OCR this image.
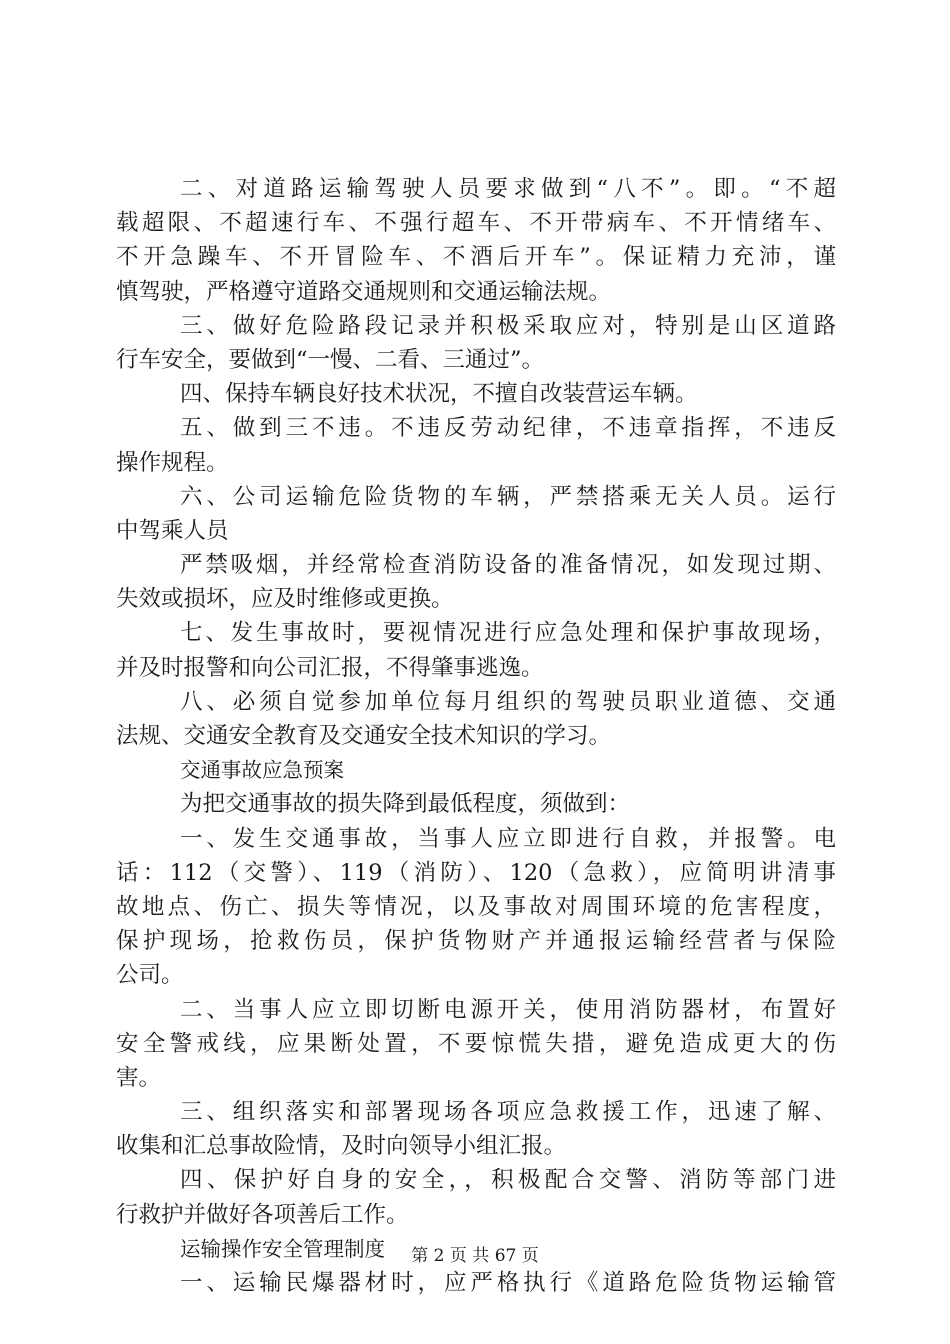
二、对道路运输驾驶人员要求做到“八不”。即。“不超
载超限、不超速行车、不强行超车、不开带病车、不开情绪车、
不开急躁车、不开冒险车、不酒后开车”。保证精力充沛，谨
慎驾驶，严格遵守道路交通规则和交通运输法规。
三、做好危险路段记录并积极采取应对，特别是山区道路
行车安全，要做到“一慢、二看、三通过”。
四、保持车辆良好技术状况，不擅自改装营运车辆。
五、做到三不违。不违反劳动纪律，不违章指挥，不违反
操作规程。
六、公司运输危险货物的车辆，严禁搭乘无关人员。运行
中驾乘人员
严禁吸烟，并经常检查消防设备的准备情况，如发现过期、
失效或损坏，应及时维修或更换。
七、发生事故时，要视情况进行应急处理和保护事故现场，
并及时报警和向公司汇报，不得肇事逃逸。
八、必须自觉参加单位每月组织的驾驶员职业道德、交通
法规、交通安全教育及交通安全技术知识的学习。
交通事故应急预案
为把交通事故的损失降到最低程度，须做到：
一、发生交通事故，当事人应立即进行自救，并报警。电
话：112（交警）、119（消防）、120（急救），应简明讲清事
故地点、伤亡、损失等情况，以及事故对周围环境的危害程度，
保护现场，抢救伤员，保护货物财产并通报运输经营者与保险
公司。
二、当事人应立即切断电源开关，使用消防器材，布置好
安全警戒线，应果断处置，不要惊慌失措，避免造成更大的伤
害。
三、组织落实和部署现场各项应急救援工作，迅速了解、
收集和汇总事故险情，及时向领导小组汇报。
四、保护好自身的安全，，积极配合交警、消防等部门进
行救护并做好各项善后工作。
运输操作安全管理制度
一、运输民爆器材时，应严格执行《道路危险货物运输管
第 2 页 共 67 页
